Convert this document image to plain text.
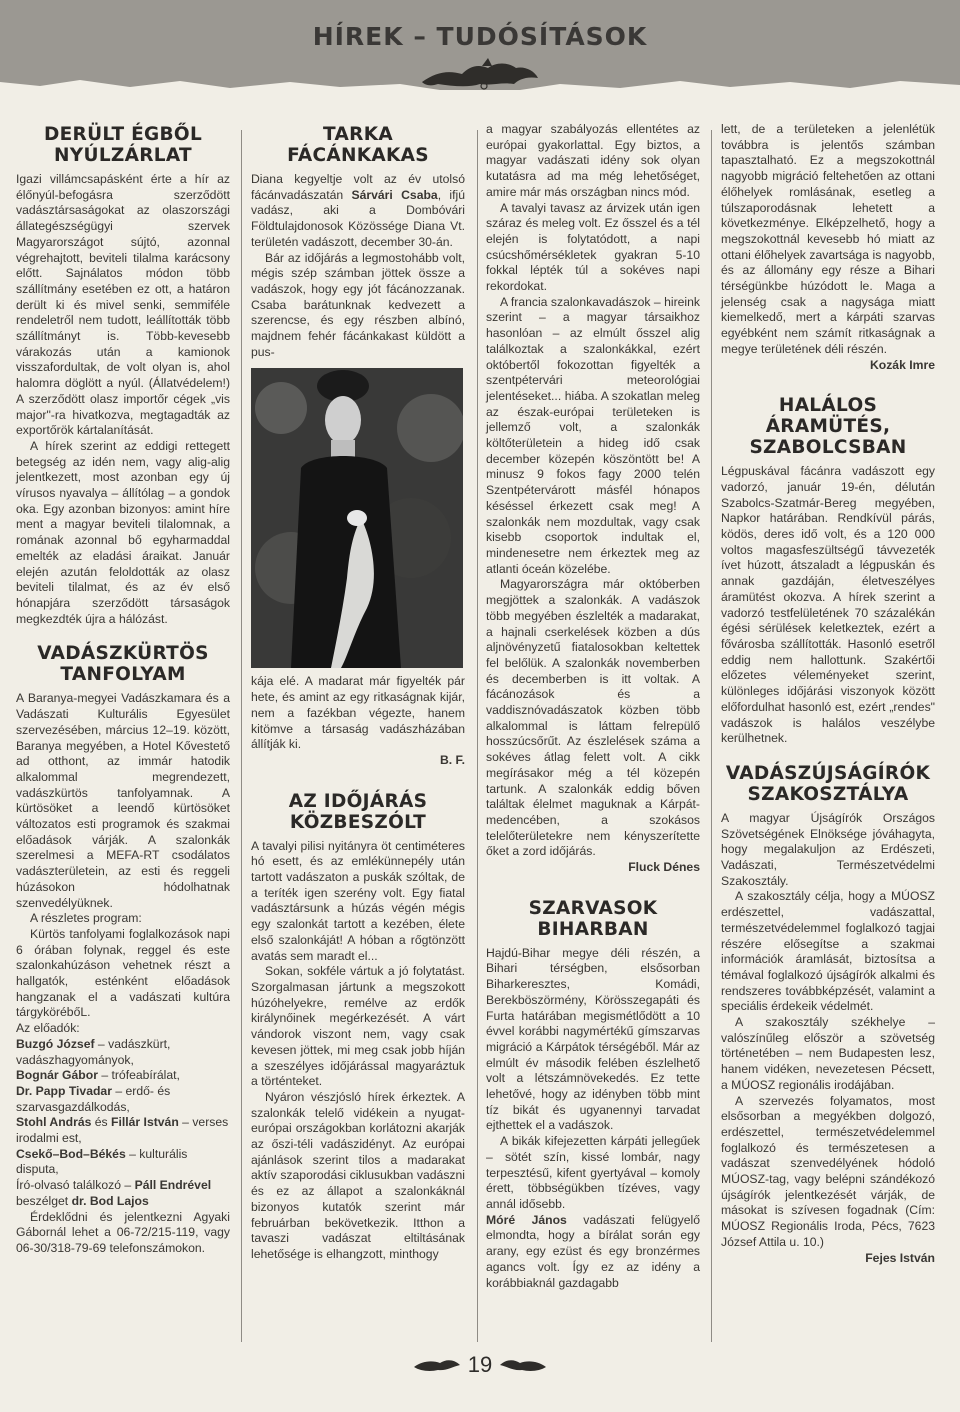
HÍREK – TUDÓSÍTÁSOK
DERÜLT ÉGBŐL
NYÚLZÁRLAT

Igazi villámcsapásként érte a hír az élőnyúl-befogásra szerződött vadásztársaságokat az olaszországi állategészségügyi szervek Magyarországot sújtó, azonnal végrehajtott, beviteli tilalma karácsony előtt. Sajnálatos módon több szállítmány esetében ez ott, a határon derült ki és mivel senki, semmiféle rendeletről nem tudott, leállították több szállítmányt is. Több-kevesebb várakozás után a kamionok visszafordultak, de volt olyan is, ahol halomra döglött a nyúl. (Állatvédelem!) A szerződött olasz importőr cégek „vis major"-ra hivatkozva, megtagadták az exportőrök kártalanítását.

A hírek szerint az eddigi rettegett betegség az idén nem, vagy alig-alig jelentkezett, most azonban egy új vírusos nyavalya – állítólag – a gondok oka. Egy azonban bizonyos: amint híre ment a magyar beviteli tilalomnak, a romának azonnal bő egyharmaddal emelték az eladási áraikat. Január elején azután feloldották az olasz beviteli tilalmat, és az év első hónapjára szerződött társaságok megkezdték újra a hálózást.

VADÁSZKÜRTÖS
TANFOLYAM

A Baranya-megyei Vadászkamara és a Vadászati Kulturális Egyesület szervezésében, március 12–19. között, Baranya megyében, a Hotel Kővestető ad otthont, az immár hatodik alkalommal megrendezett, vadászkürtös tanfolyamnak. A kürtösöket a leendő kürtösöket változatos esti programok és szakmai előadások várják. A szalonkák szerelmesi a MEFA-RT csodálatos vadászterületein, az esti és reggeli húzásokon hódolhatnak szenvedélyüknek.

A részletes program:

Kürtös tanfolyami foglalkozások napi 6 órában folynak, reggel és este szalonkahúzáson vehetnek részt a hallgatók, esténként előadások hangzanak el a vadászati kultúra tárgykörébőL.

Az előadók:

Buzgó József – vadászkürt, vadászhagyományok,

Bognár Gábor – trófeabírálat,

Dr. Papp Tivadar – erdő- és szarvasgazdálkodás,

Stohl András és Fillár István – verses irodalmi est,

Csekő–Bod–Békés – kulturális disputa,

Író-olvasó találkozó – Páll Endrével beszélget dr. Bod Lajos

Érdeklődni és jelentkezni Agyaki Gábornál lehet a 06-72/215-119, vagy 06-30/318-79-69 telefonszámokon.

a magyar szabályozás ellentétes az európai gyakorlattal. Egy biztos, a magyar vadászati idény sok olyan kutatásra ad ma még lehetőséget, amire már más országban nincs mód.

A tavalyi tavasz az árvizek után igen száraz és meleg volt. Ez ősszel és a tél elején is folytatódott, a napi csúcshőmérsékletek gyakran 5-10 fokkal lépték túl a sokéves napi rekordokat.

A francia szalonkavadászok – hireink szerint – a magyar társaikhoz hasonlóan – az elmúlt ősszel alig találkoztak a szalonkákkal, ezért októbertől fokozottan figyelték a szentpétervári meteorológiai jelentéseket... hiába. A szokatlan meleg az észak-európai területeken is jellemző volt, a szalonkák költőterületein a hideg idő csak december közepén köszöntött be! A minusz 9 fokos fagy 2000 telén Szentpétervárott másfél hónapos késéssel érkezett csak meg! A szalonkák nem mozdultak, vagy csak kisebb csoportok indultak el, mindenesetre nem érkeztek meg az atlanti óceán közelébe.

Magyarországra már októberben megjöttek a szalonkák. A vadászok több megyében észlelték a madarakat, a hajnali cserkelések közben a dús aljnövényzetű fiatalosokban keltettek fel belőlük. A szalonkák novemberben és decemberben is itt voltak. A fácánozások és a vaddisznóvadászatok közben több alkalommal is láttam felrepülő hosszúcsőrűt. Az észlelések száma a sokéves átlag felett volt. A cikk megírásakor még a tél közepén tartunk. A szalonkák eddig bőven találtak élelmet maguknak a Kárpát-medencében, a szokásos telelőterületekre nem kényszerítette őket a zord időjárás.

Fluck Dénes

SZARVASOK
BIHARBAN

Hajdú-Bihar megye déli részén, a Bihari térségben, elsősorban Biharkeresztes, Komádi, Berekböszörmény, Körösszegapáti és Furta határában megismétlődött a 10 évvel korábbi nagymértékű gímszarvas migráció a Kárpátok térségéből. Már az elmúlt év második felében észlelhető volt a létszámnövekedés. Ez tette lehetővé, hogy az idényben több mint tíz bikát és ugyanennyi tarvadat ejthettek el a vadászok.

A bikák kifejezetten kárpáti jellegűek – sötét szín, kissé lombár, nagy terpesztésű, kifent gyertyával – komoly érett, többségükben tízéves, vagy annál idősebb.

Móré János vadászati felügyelő elmondta, hogy a bírálat során egy arany, egy ezüst és egy bronzérmes agancs volt. Így ez az idény a korábbiaknál gazdagabb

lett, de a területeken a jelenlétük továbbra is jelentős számban tapasztalható. Ez a megszokottnál nagyobb migráció feltehetően az ottani élőhelyek romlásának, esetleg a túlszaporodásnak lehetett a következménye. Elképzelhető, hogy a megszokottnál kevesebb hó miatt az ottani élőhelyek zavartsága is nagyobb, és az állomány egy része a Bihari térségünkbe húzódott le. Maga a jelenség csak a nagysága miatt kiemelkedő, mert a kárpáti szarvas egyébként nem számít ritkaságnak a megye területének déli részén.

Kozák Imre

HALÁLOS
ÁRAMÜTÉS,
SZABOLCSBAN

Légpuskával fácánra vadászott egy vadorzó, január 19-én, délután Szabolcs-Szatmár-Bereg megyében, Napkor határában. Rendkívül párás, ködös, deres idő volt, és a 120 000 voltos magasfeszültségű távvezeték ívet húzott, átszaladt a légpuskán és annak gazdáján, életveszélyes áramütést okozva. A hírek szerint a vadorzó testfelületének 70 százalékán égési sérülések keletkeztek, ezért a fővárosba szállították. Hasonló esetről eddig nem hallottunk. Szakértői előzetes véleményeket szerint, különleges időjárási viszonyok között előfordulhat hasonló est, ezért „rendes" vadászok is halálos veszélybe kerülhetnek.

VADÁSZÚJSÁGÍRÓK
SZAKOSZTÁLYA

A magyar Újságírók Országos Szövetségének Elnöksége jóváhagyta, hogy megalakuljon az Erdészeti, Vadászati, Természetvédelmi Szakosztály.

A szakosztály célja, hogy a MÚOSZ erdészettel, vadászattal, természetvédelemmel foglalkozó tagjai részére elősegítse a szakmai információk áramlását, biztosítsa a témával foglalkozó újságírók alkalmi és rendszeres továbbképzését, valamint a speciális érdekeik védelmét.

A szakosztály székhelye – valószínűleg először a szövetség történetében – nem Budapesten lesz, hanem vidéken, nevezetesen Pécsett, a MÚOSZ regionális irodájában.

A szervezés folyamatos, most elsősorban a megyékben dolgozó, erdészettel, természetvédelemmel foglalkozó és természetesen a vadászat szenvedélyének hódoló MÚOSZ-tag, vagy belépni szándékozó újságírók jelentkezését várják, de másokat is szívesen fogadnak (Cím: MÚOSZ Regionális Iroda, Pécs, 7623 József Attila u. 10.)

Fejes István

TARKA
FÁCÁNKAKAS

Diana kegyeltje volt az év utolsó fácánvadászatán Sárvári Csaba, ifjú vadász, aki a Dombóvári Földtulajdonosok Közössége Diana Vt. területén vadászott, december 30-án.

Bár az időjárás a legmostohább volt, mégis szép számban jöttek össze a vadászok, hogy egy jót fácánozzanak. Csaba barátunknak kedvezett a szerencse, és egy részben albínó, majdnem fehér fácánkakast küldött a pus-

kája elé. A madarat már figyelték pár hete, és amint az egy ritkaságnak kijár, nem a fazékban végezte, hanem kitömve a társaság vadászházában állítják ki.

B. F.

AZ IDŐJÁRÁS
KÖZBESZÓLT

A tavalyi pilisi nyitányra öt centiméteres hó esett, és az emlékünnepély után tartott vadászaton a puskák szóltak, de a teríték igen szerény volt. Egy fiatal vadásztársunk a húzás végén mégis egy szalonkát tartott a kezében, élete első szalonkáját! A hóban a rőgtönzött avatás sem maradt el...

Sokan, sokféle vártuk a jó folytatást. Szorgalmasan jártunk a megszokott húzóhelyekre, remélve az erdők királynőinek megérkezését. A várt vándorok viszont nem, vagy csak kevesen jöttek, mi meg csak jobb híján a szeszélyes időjárással magyaráztuk a történteket.

Nyáron vészjósló hírek érkeztek. A szalonkák telelő vidékein a nyugat-európai országokban korlátozni akarják az őszi-téli vadászidényt. Az európai ajánlások szerint tilos a madarakat aktív szaporodási ciklusukban vadászni és ez az állapot a szalonkáknál bizonyos kutatók szerint már februárban bekövetkezik. Itthon a tavaszi vadászat eltiltásának lehetősége is elhangzott, minthogy

19
